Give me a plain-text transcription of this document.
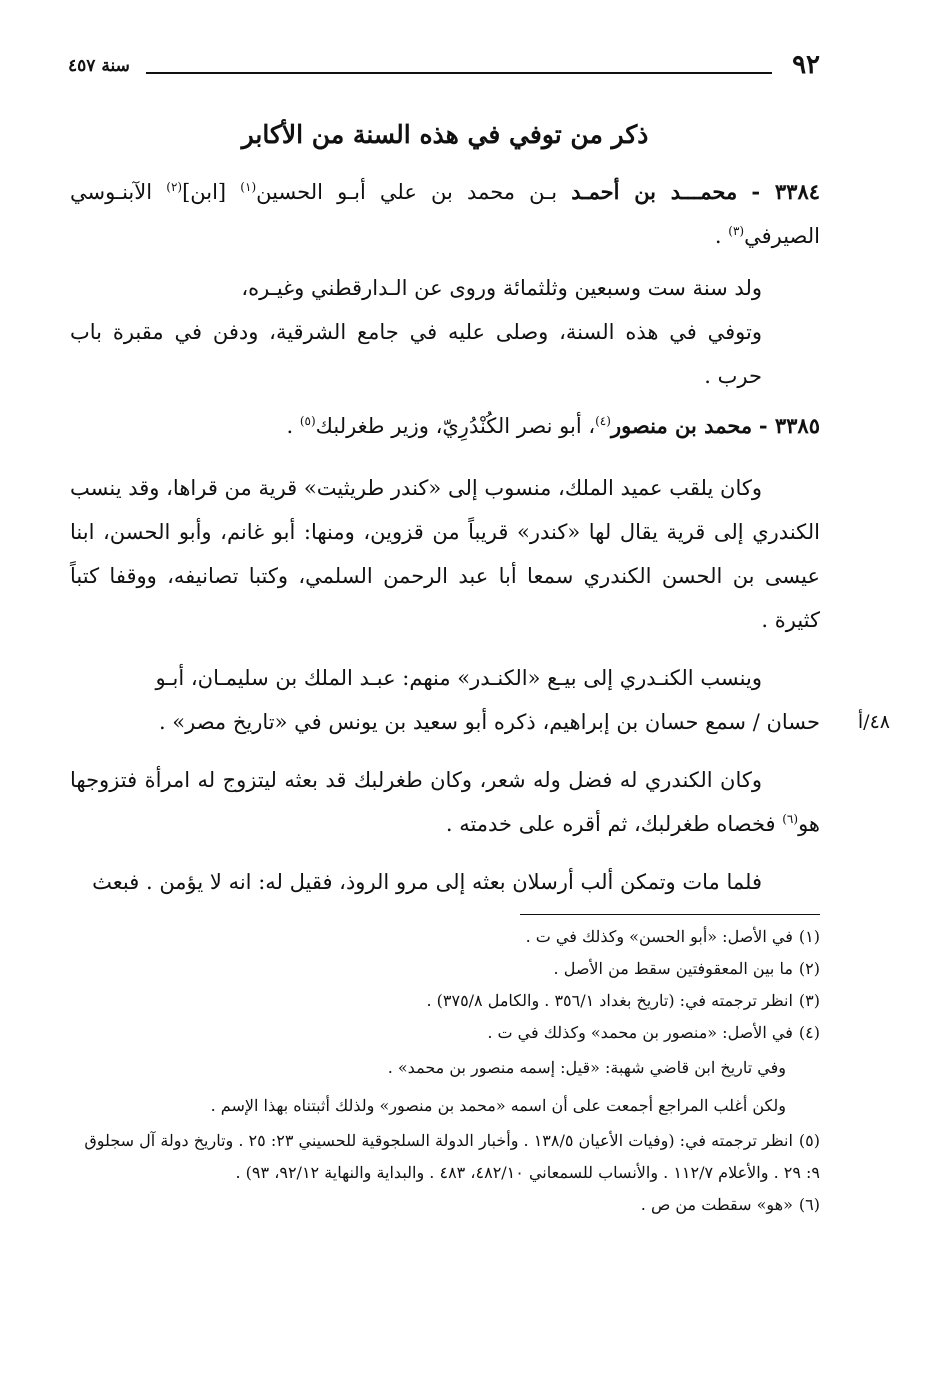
٩٢
سنة ٤٥٧
ذكر من توفي في هذه السنة من الأكابر

٣٣٨٤ - محمـــد بن أحمـد بـن محمد بن علي أبـو الحسين$^{(١)}$ [ابن]$^{(٢)}$ الآبنـوسي الصيرفي$^{(٣)}$ .

ولد سنة ست وسبعين وثلثمائة وروى عن الـدارقطني وغيـره،

وتوفي في هذه السنة، وصلى عليه في جامع الشرقية، ودفن في مقبرة باب حرب .

٣٣٨٥ - محمد بن منصور$^{(٤)}$، أبو نصر الكُنْدُرِيّ، وزير طغرلبك$^{(٥)}$ .

وكان يلقب عميد الملك، منسوب إلى «كندر طريثيت» قرية من قراها، وقد ينسب الكندري إلى قرية يقال لها «كندر» قريباً من قزوين، ومنها: أبو غانم، وأبو الحسن، ابنا عيسى بن الحسن الكندري سمعا أبا عبد الرحمن السلمي، وكتبا تصانيفه، ووقفا كتباً كثيرة .

وينسب الكنـدري إلى بيـع «الكنـدر» منهم: عبـد الملك بن سليمـان، أبـو

حسان / سمع حسان بن إبراهيم، ذكره أبو سعيد بن يونس في «تاريخ مصر» . ٤٨/أ

وكان الكندري له فضل وله شعر، وكان طغرلبك قد بعثه ليتزوج له امرأة فتزوجها هو$^{(٦)}$ فخصاه طغرلبك، ثم أقره على خدمته .

فلما مات وتمكن ألب أرسلان بعثه إلى مرو الروذ، فقيل له: انه لا يؤمن . فبعث

(١)في الأصل: «أبو الحسن» وكذلك في ت .

(٢)ما بين المعقوفتين سقط من الأصل .

(٣)انظر ترجمته في: (تاريخ بغداد ٣٥٦/١ . والكامل ٣٧٥/٨) .

(٤)في الأصل: «منصور بن محمد» وكذلك في ت .

وفي تاريخ ابن قاضي شهبة: «قيل: إسمه منصور بن محمد» .

ولكن أغلب المراجع أجمعت على أن اسمه «محمد بن منصور» ولذلك أثبتناه بهذا الإسم .

(٥)انظر ترجمته في: (وفيات الأعيان ١٣٨/٥ . وأخبار الدولة السلجوقية للحسيني ٢٣: ٢٥ . وتاريخ دولة آل سجلوق ٩: ٢٩ . والأعلام ١١٢/٧ . والأنساب للسمعاني ٤٨٢/١٠، ٤٨٣ . والبداية والنهاية ٩٢/١٢، ٩٣) .

(٦)«هو» سقطت من ص .
